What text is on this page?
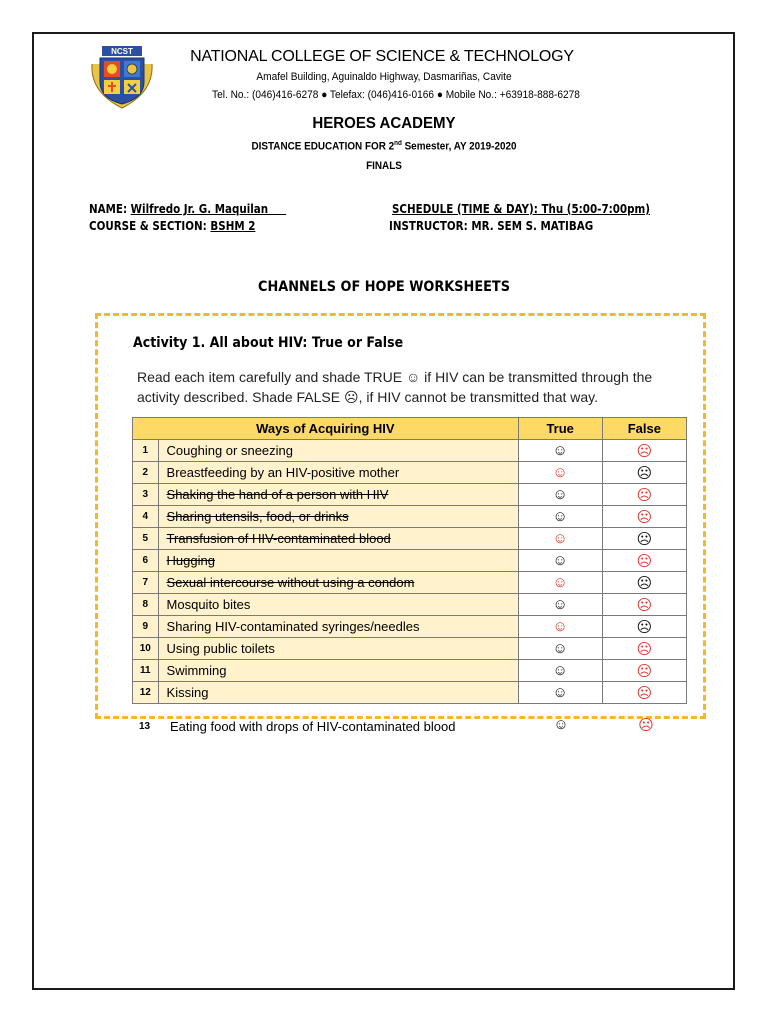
NCST	NATIONAL COLLEGE OF SCIENCE & TECHNOLOGY
Amafel Building, Aguinaldo Highway, Dasmariñas, Cavite
Tel. No.: (046)416-6278 ● Telefax: (046)416-0166 ● Mobile No.: +63918-888-6278
HEROES ACADEMY
DISTANCE EDUCATION FOR 2nd Semester, AY 2019-2020
FINALS
NAME: Wilfredo Jr. G. Maquilan
COURSE & SECTION: BSHM 2
SCHEDULE (TIME & DAY): Thu (5:00-7:00pm)
INSTRUCTOR: MR. SEM S. MATIBAG
CHANNELS OF HOPE WORKSHEETS
Activity 1. All about HIV: True or False
Read each item carefully and shade TRUE ☺ if HIV can be transmitted through the activity described. Shade FALSE ☹, if HIV cannot be transmitted that way.
Ways of Acquiring HIV		True	False
1	Coughing or sneezing	☺	☹
2	Breastfeeding by an HIV-positive mother	☺	☹
3	Shaking the hand of a person with HIV	☺	☹
4	Sharing utensils, food, or drinks	☺	☹
5	Transfusion of HIV-contaminated blood	☺	☹
6	Hugging	☺	☹
7	Sexual intercourse without using a condom	☺	☹
8	Mosquito bites	☺	☹
9	Sharing HIV-contaminated syringes/needles	☺	☹
10	Using public toilets	☺	☹
11	Swimming	☺	☹
12	Kissing	☺	☹
13	Eating food with drops of HIV-contaminated blood	☺	☹
